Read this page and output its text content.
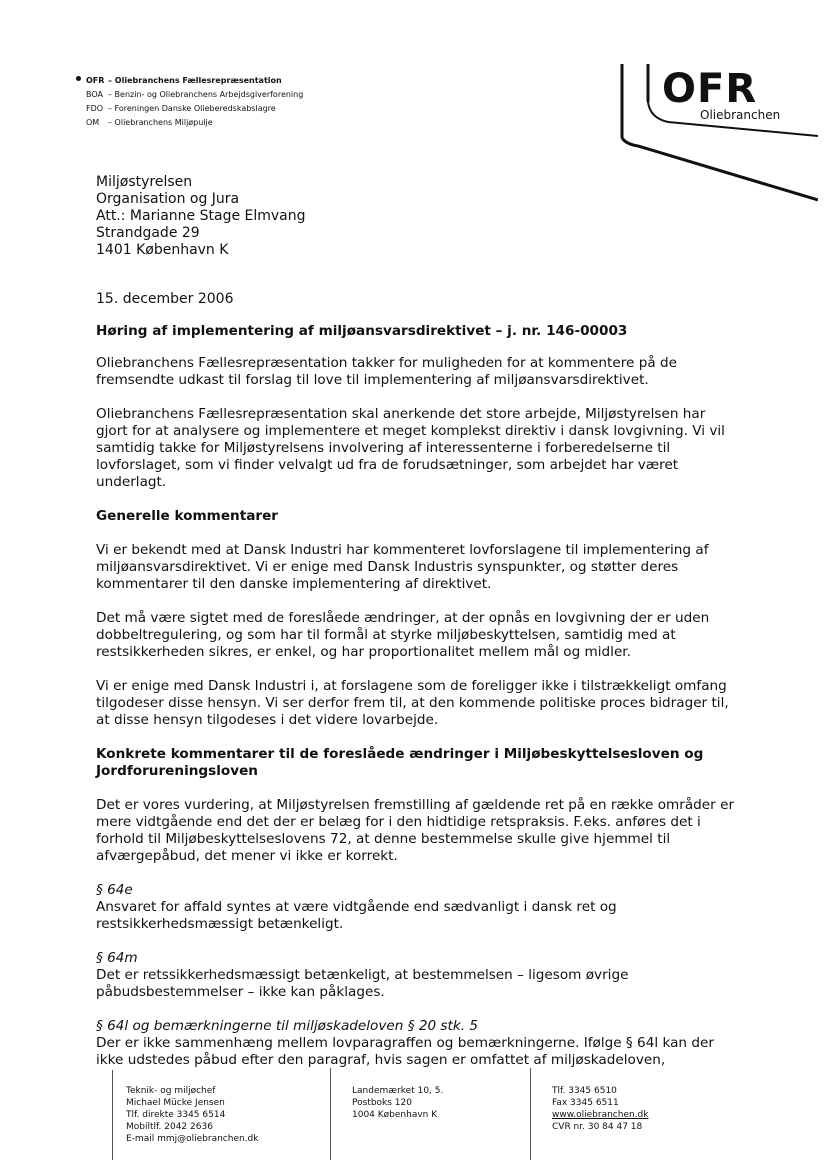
OFR – Oliebranchens Fællesrepræsentation
BOA – Benzin- og Oliebranchens Arbejdsgiverforening
FDO – Foreningen Danske Olieberedskabslagre
OM	– Oliebranchens Miljøpulje
OFR
Oliebranchen
Miljøstyrelsen
Organisation og Jura
Att.: Marianne Stage Elmvang
Strandgade 29
1401 København K
15. december 2006
Høring af implementering af miljøansvarsdirektivet – j. nr. 146-00003

Oliebranchens Fællesrepræsentation takker for muligheden for at kommentere på de fremsendte udkast til forslag til love til implementering af miljøansvarsdirektivet.

Oliebranchens Fællesrepræsentation skal anerkende det store arbejde, Miljøstyrelsen har gjort for at analysere og implementere et meget komplekst direktiv i dansk lovgivning. Vi vil samtidig takke for Miljøstyrelsens involvering af interessenterne i forberedelserne til lovforslaget, som vi finder velvalgt ud fra de forudsætninger, som arbejdet har været underlagt.

Generelle kommentarer

Vi er bekendt med at Dansk Industri har kommenteret lovforslagene til implementering af miljøansvarsdirektivet. Vi er enige med Dansk Industris synspunkter, og støtter deres kommentarer til den danske implementering af direktivet.

Det må være sigtet med de foreslåede ændringer, at der opnås en lovgivning der er uden dobbeltregulering, og som har til formål at styrke miljøbeskyttelsen, samtidig med at restsikkerheden sikres, er enkel, og har proportionalitet mellem mål og midler.

Vi er enige med Dansk Industri i, at forslagene som de foreligger ikke i tilstrækkeligt omfang tilgodeser disse hensyn. Vi ser derfor frem til, at den kommende politiske proces bidrager til, at disse hensyn tilgodeses i det videre lovarbejde.

Konkrete kommentarer til de foreslåede ændringer i Miljøbeskyttelsesloven og Jordforureningsloven

Det er vores vurdering, at Miljøstyrelsen fremstilling af gældende ret på en række områder er mere vidtgående end det der er belæg for i den hidtidige retspraksis. F.eks. anføres det i forhold til Miljøbeskyttelseslovens 72, at denne bestemmelse skulle give hjemmel til afværgepåbud, det mener vi ikke er korrekt.

§ 64e

Ansvaret for affald syntes at være vidtgående end sædvanligt i dansk ret og restsikkerhedsmæssigt betænkeligt.

§ 64m

Det er retssikkerhedsmæssigt betænkeligt, at bestemmelsen – ligesom øvrige påbudsbestemmelser – ikke kan påklages.

§ 64l og bemærkningerne til miljøskadeloven § 20 stk. 5

Der er ikke sammenhæng mellem lovparagraffen og bemærkningerne. Ifølge § 64l kan der ikke udstedes påbud efter den paragraf, hvis sagen er omfattet af miljøskadeloven,

Teknik- og miljøchef
Michael Mücke Jensen
Tlf. direkte 3345 6514
Mobiltlf. 2042 2636
E-mail mmj@oliebranchen.dk
Landemærket 10, 5.
Postboks 120
1004 København K
Tlf. 3345 6510
Fax 3345 6511
www.oliebranchen.dk
CVR nr. 30 84 47 18
